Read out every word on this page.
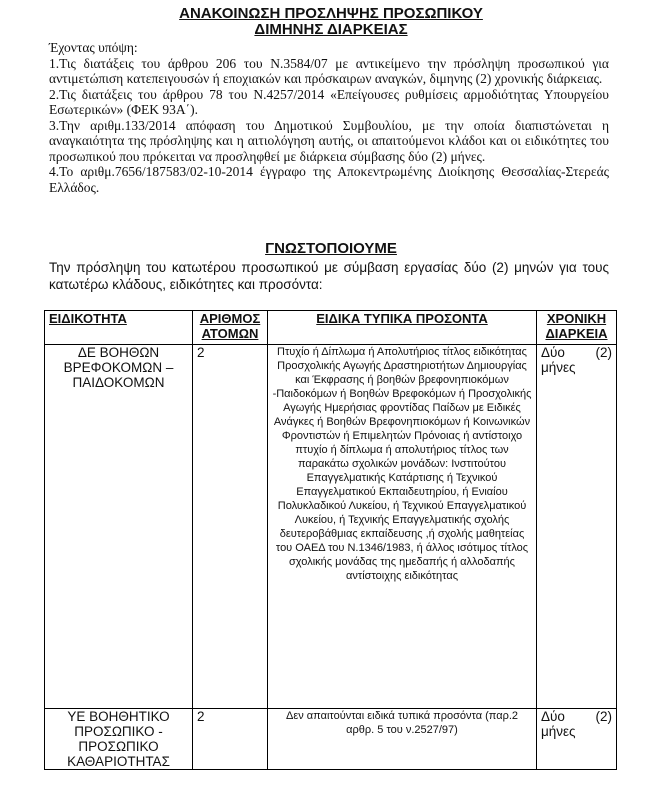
ΑΝΑΚΟΙΝΩΣΗ ΠΡΟΣΛΗΨΗΣ ΠΡΟΣΩΠΙΚΟΥ
ΔΙΜΗΝΗΣ ΔΙΑΡΚΕΙΑΣ

Έχοντας υπόψη:

1.Τις διατάξεις του άρθρου 206 του Ν.3584/07 με αντικείμενο την πρόσληψη προσωπικού για αντιμετώπιση κατεπειγουσών ή εποχιακών και πρόσκαιρων αναγκών, διμηνης (2) χρονικής διάρκειας.

2.Τις διατάξεις του άρθρου 78 του Ν.4257/2014 «Επείγουσες ρυθμίσεις αρμοδιότητας Υπουργείου Εσωτερικών» (ΦΕΚ 93Α΄).

3.Την αριθμ.133/2014 απόφαση του Δημοτικού Συμβουλίου, με την οποία διαπιστώνεται η αναγκαιότητα της πρόσληψης και η αιτιολόγηση αυτής, οι απαιτούμενοι κλάδοι και οι ειδικότητες του προσωπικού που πρόκειται να προσληφθεί με διάρκεια σύμβασης δύο (2) μήνες.

4.Το αριθμ.7656/187583/02-10-2014 έγγραφο της Αποκεντρωμένης Διοίκησης Θεσσαλίας-Στερεάς Ελλάδος.

ΓΝΩΣΤΟΠΟΙΟΥΜΕ

Την πρόσληψη του κατωτέρου προσωπικού με σύμβαση εργασίας δύο (2) μηνών για τους κατωτέρω κλάδους, ειδικότητες και προσόντα:

ΕΙΔΙΚΟΤΗΤΑ	ΑΡΙΘΜΟΣ ΑΤΟΜΩΝ	ΕΙΔΙΚΑ ΤΥΠΙΚΑ ΠΡΟΣΟΝΤΑ	ΧΡΟΝΙΚΗ ΔΙΑΡΚΕΙΑ
ΔΕ ΒΟΗΘΩΝ ΒΡΕΦΟΚΟΜΩΝ – ΠΑΙΔΟΚΟΜΩΝ	2	Πτυχίο ή Δίπλωμα ή Απολυτήριος τίτλος ειδικότητας Προσχολικής Αγωγής Δραστηριοτήτων Δημιουργίας και Έκφρασης ή βοηθών βρεφονηπιοκόμων -Παιδοκόμων ή Βοηθών Βρεφοκόμων ή Προσχολικής Αγωγής Ημερήσιας φροντίδας Παίδων με Ειδικές Ανάγκες ή Βοηθών Βρεφονηπιοκόμων ή Κοινωνικών Φροντιστών ή Επιμελητών Πρόνοιας ή αντίστοιχο πτυχίο ή δίπλωμα ή απολυτήριος τίτλος των παρακάτω σχολικών μονάδων: Ινστιτούτου Επαγγελματικής Κατάρτισης ή Τεχνικού Επαγγελματικού Εκπαιδευτηρίου, ή Ενιαίου Πολυκλαδικού Λυκείου, ή Τεχνικού Επαγγελματικού Λυκείου, ή Τεχνικής Επαγγελματικής σχολής δευτεροβάθμιας εκπαίδευσης ,ή σχολής μαθητείας του ΟΑΕΔ του Ν.1346/1983, ή άλλος ισότιμος τίτλος σχολικής μονάδας της ημεδαπής ή αλλοδαπής αντίστοιχης ειδικότητας	Δύο (2) μήνες
ΥΕ ΒΟΗΘΗΤΙΚΟ ΠΡΟΣΩΠΙΚΟ - ΠΡΟΣΩΠΙΚΟ ΚΑΘΑΡΙΟΤΗΤΑΣ	2	Δεν απαιτούνται ειδικά τυπικά προσόντα (παρ.2 αρθρ. 5 του ν.2527/97)	Δύο (2) μήνες
